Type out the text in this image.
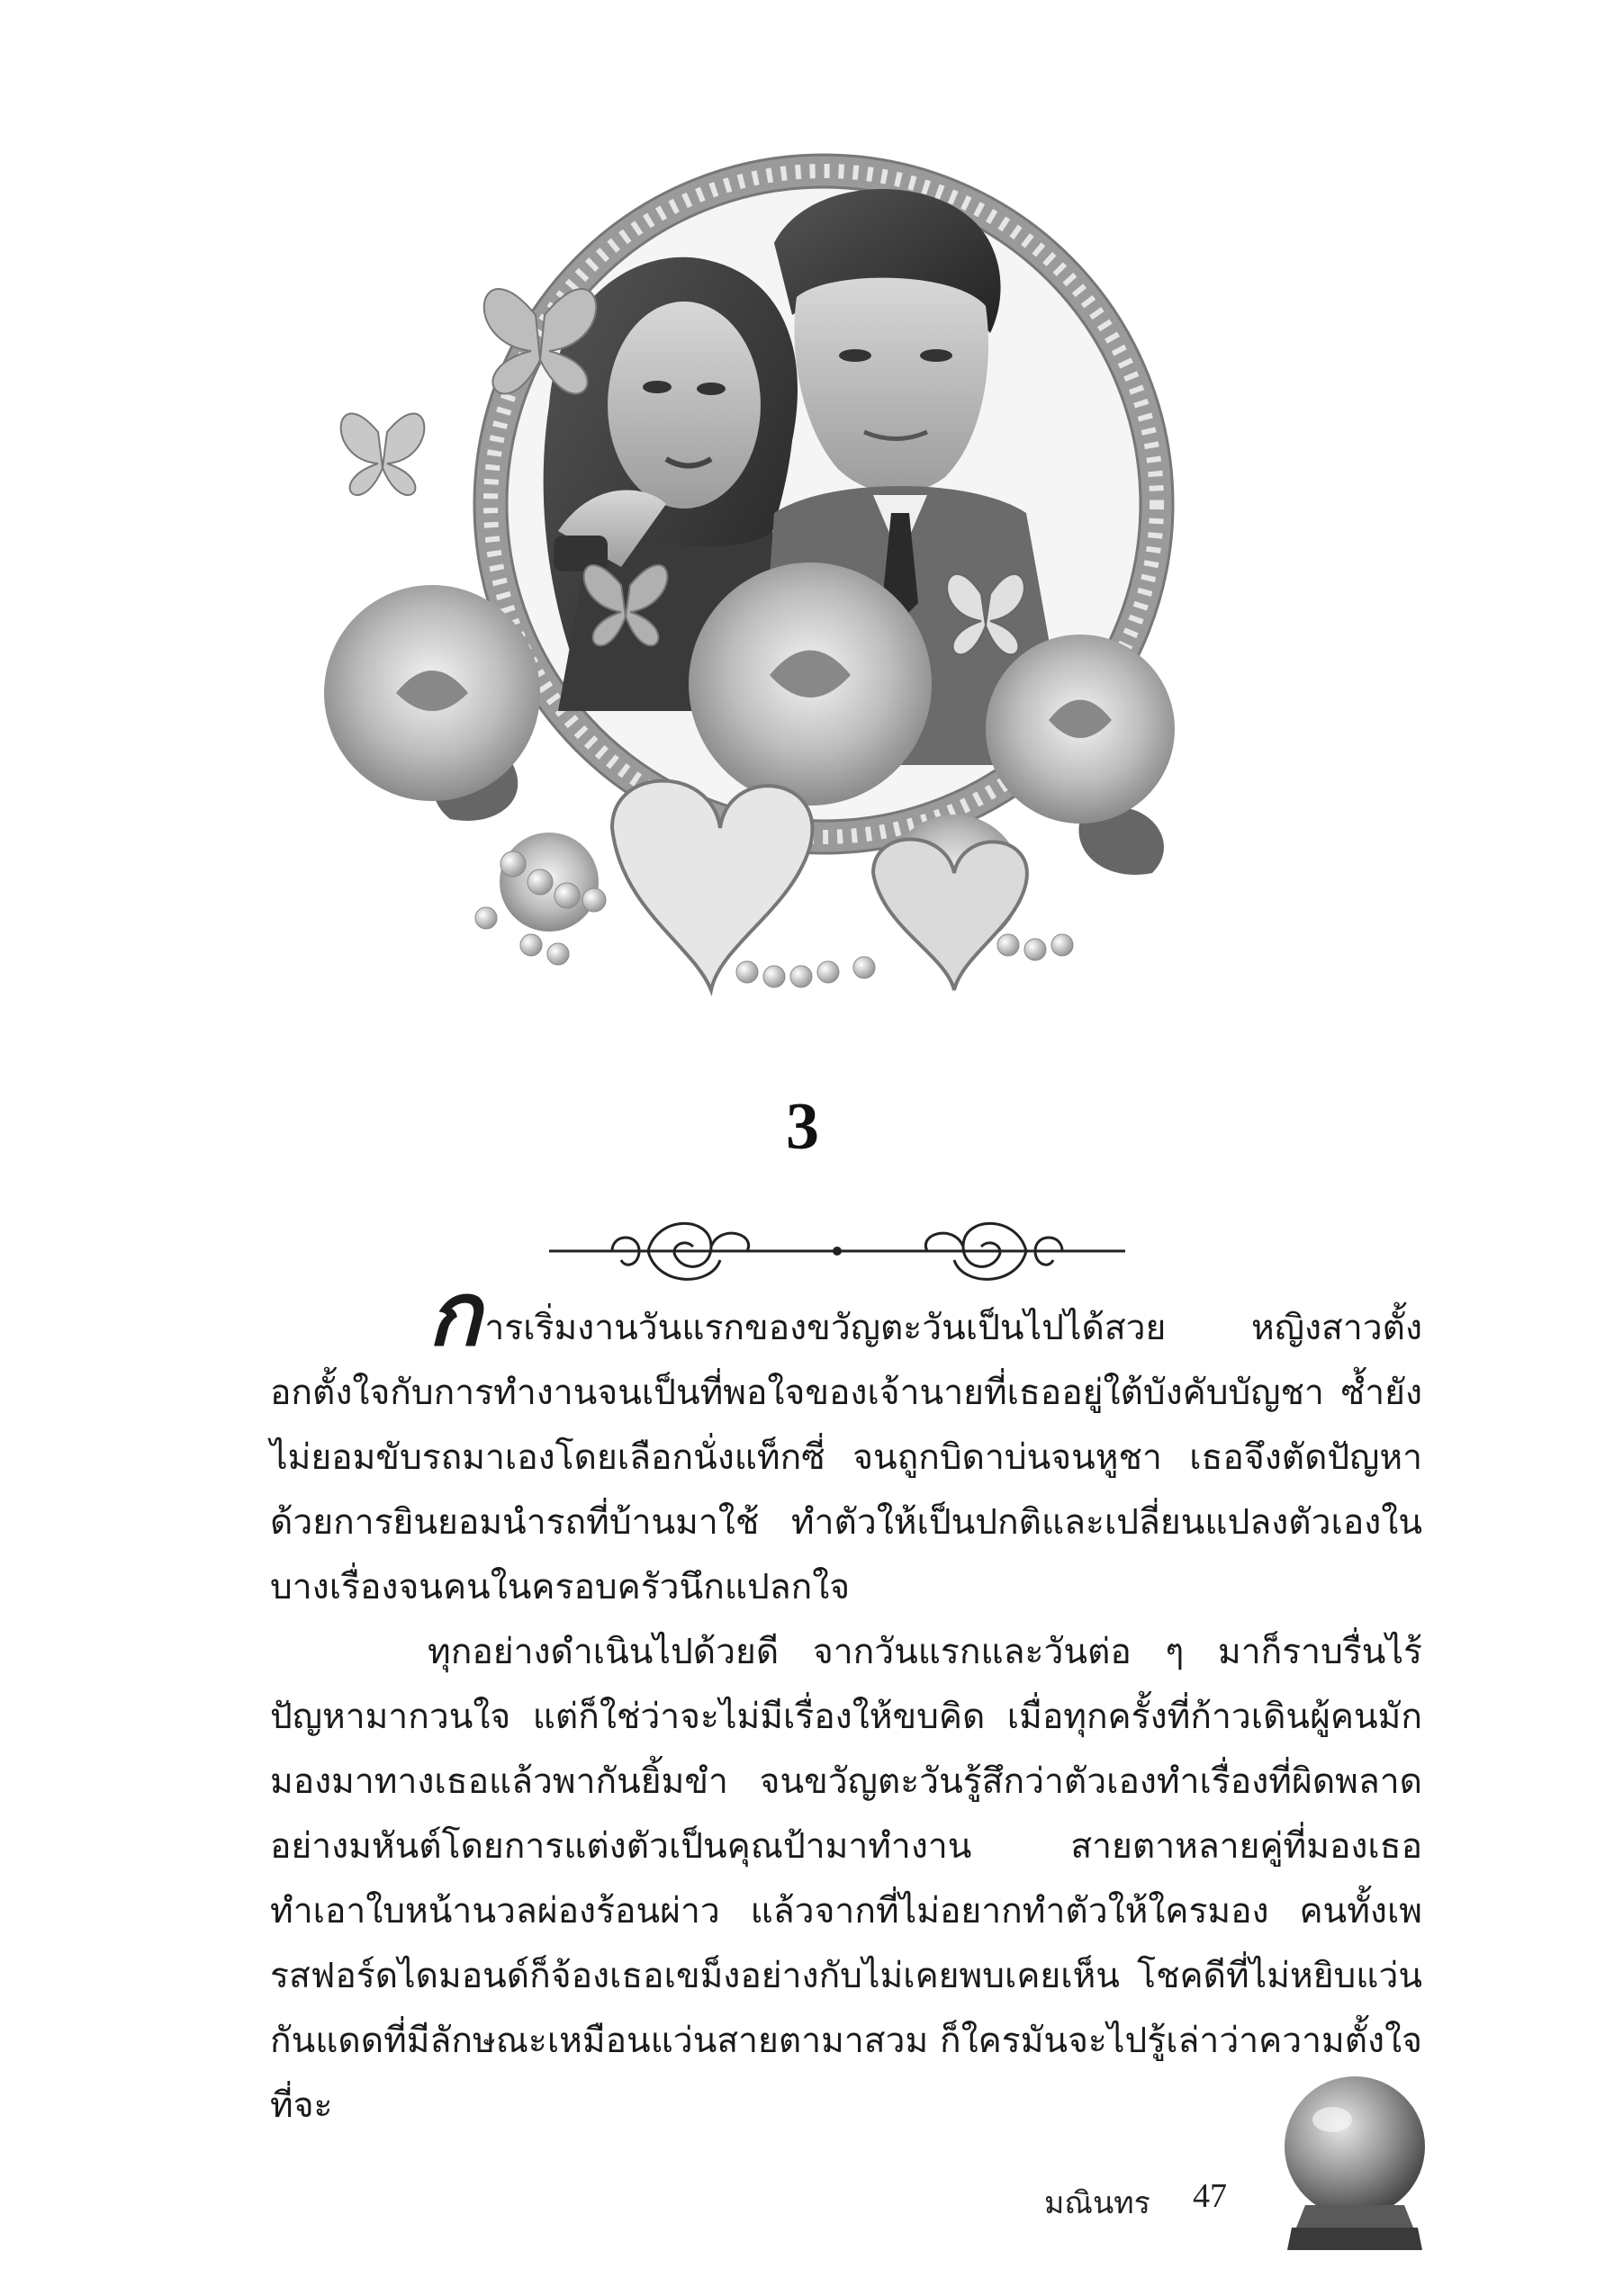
3

การเริ่มงานวันแรกของขวัญตะวันเป็นไปได้สวย หญิงสาวตั้งอกตั้งใจกับการทำงานจนเป็นที่พอใจของเจ้านายที่เธออยู่ใต้บังคับบัญชา ซ้ำยังไม่ยอมขับรถมาเองโดยเลือกนั่งแท็กซี่ จนถูกบิดาบ่นจนหูชา เธอจึงตัดปัญหาด้วยการยินยอมนำรถที่บ้านมาใช้ ทำตัวให้เป็นปกติและเปลี่ยนแปลงตัวเองในบางเรื่องจนคนในครอบครัวนึกแปลกใจ

ทุกอย่างดำเนินไปด้วยดี จากวันแรกและวันต่อ ๆ มาก็ราบรื่นไร้ปัญหามากวนใจ แต่ก็ใช่ว่าจะไม่มีเรื่องให้ขบคิด เมื่อทุกครั้งที่ก้าวเดินผู้คนมักมองมาทางเธอแล้วพากันยิ้มขำ จนขวัญตะวันรู้สึกว่าตัวเองทำเรื่องที่ผิดพลาดอย่างมหันต์โดยการแต่งตัวเป็นคุณป้ามาทำงาน สายตาหลายคู่ที่มองเธอทำเอาใบหน้านวลผ่องร้อนผ่าว แล้วจากที่ไม่อยากทำตัวให้ใครมอง คนทั้งเพรสฟอร์ดไดมอนด์ก็จ้องเธอเขม็งอย่างกับไม่เคยพบเคยเห็น โชคดีที่ไม่หยิบแว่นกันแดดที่มีลักษณะเหมือนแว่นสายตามาสวม ก็ใครมันจะไปรู้เล่าว่าความตั้งใจที่จะ

มณินทร 47
